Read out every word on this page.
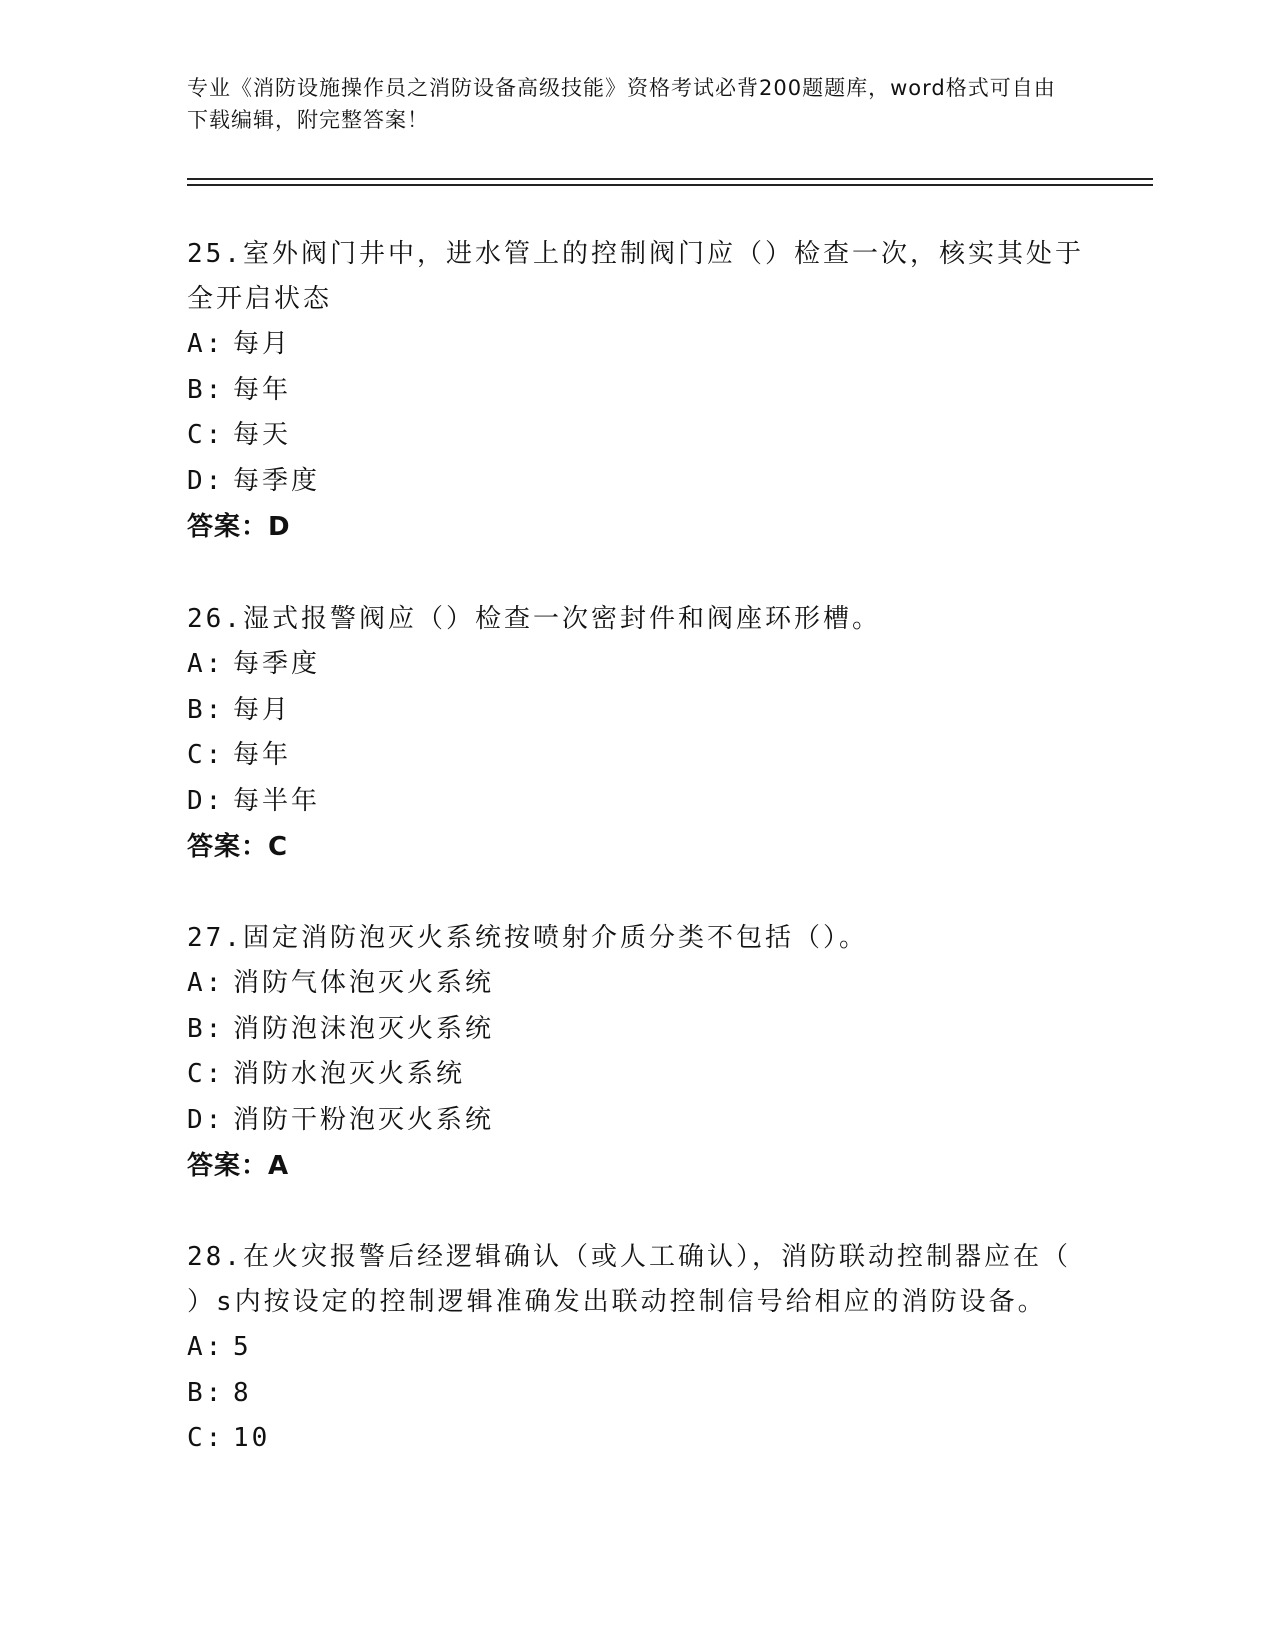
专业《消防设施操作员之消防设备高级技能》资格考试必背200题题库，word格式可自由下载编辑，附完整答案！

25.室外阀门井中，进水管上的控制阀门应（）检查一次，核实其处于

全开启状态

A: 每月

B: 每年

C: 每天

D: 每季度

答案：D

26.湿式报警阀应（）检查一次密封件和阀座环形槽。

A: 每季度

B: 每月

C: 每年

D: 每半年

答案：C

27.固定消防泡灭火系统按喷射介质分类不包括（）。

A: 消防气体泡灭火系统

B: 消防泡沫泡灭火系统

C: 消防水泡灭火系统

D: 消防干粉泡灭火系统

答案：A

28.在火灾报警后经逻辑确认（或人工确认），消防联动控制器应在（

）s内按设定的控制逻辑准确发出联动控制信号给相应的消防设备。

A: 5

B: 8

C: 10
